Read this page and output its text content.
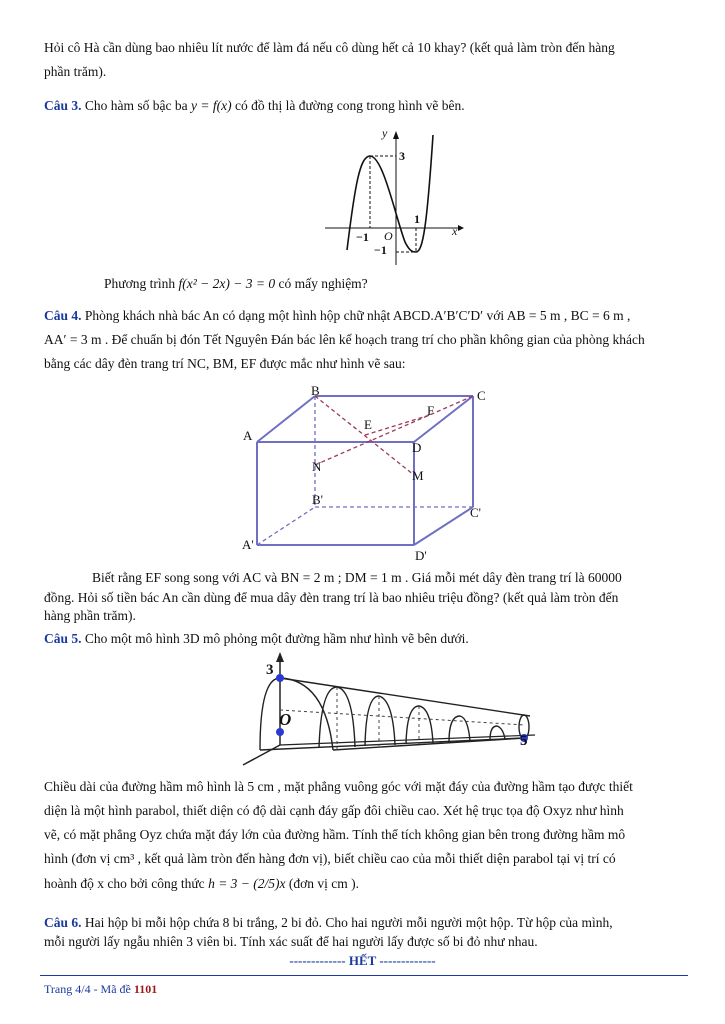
Hỏi cô Hà cần dùng bao nhiêu lít nước để làm đá nếu cô dùng hết cả 10 khay? (kết quả làm tròn đến hàng
phần trăm).
Câu 3. Cho hàm số bậc ba y = f(x) có đồ thị là đường cong trong hình vẽ bên.
y
x
O
3
1
−1
−1
Phương trình f(x² − 2x) − 3 = 0 có mấy nghiệm?
Câu 4. Phòng khách nhà bác An có dạng một hình hộp chữ nhật ABCD.A′B′C′D′ với AB = 5 m , BC = 6 m ,
AA′ = 3 m . Để chuẩn bị đón Tết Nguyên Đán bác lên kế hoạch trang trí cho phần không gian của phòng khách
bằng các dây đèn trang trí NC, BM, EF được mắc như hình vẽ sau:
A
B	C
D
E
F
N
M
B'
C'
A'
D'
Biết rằng EF song song với AC và BN = 2 m ; DM = 1 m . Giá mỗi mét dây đèn trang trí là 60000
đồng. Hỏi số tiền bác An cần dùng để mua dây đèn trang trí là bao nhiêu triệu đồng? (kết quả làm tròn đến
hàng phần trăm).
Câu 5. Cho một mô hình 3D mô phỏng một đường hầm như hình vẽ bên dưới.
3
O
5
Chiều dài của đường hầm mô hình là 5 cm , mặt phẳng vuông góc với mặt đáy của đường hầm tạo được thiết
diện là một hình parabol, thiết diện có độ dài cạnh đáy gấp đôi chiều cao. Xét hệ trục tọa độ Oxyz như hình
vẽ, có mặt phẳng Oyz chứa mặt đáy lớn của đường hầm. Tính thể tích không gian bên trong đường hầm mô
hình (đơn vị cm³ , kết quả làm tròn đến hàng đơn vị), biết chiều cao của mỗi thiết diện parabol tại vị trí có
hoành độ x cho bởi công thức h = 3 − (2/5)x (đơn vị cm ).
Câu 6. Hai hộp bi mỗi hộp chứa 8 bi trắng, 2 bi đỏ. Cho hai người mỗi người một hộp. Từ hộp của mình,
mỗi người lấy ngẫu nhiên 3 viên bi. Tính xác suất để hai người lấy được số bi đỏ như nhau.
------------- HẾT -------------
Trang 4/4 - Mã đề 1101
